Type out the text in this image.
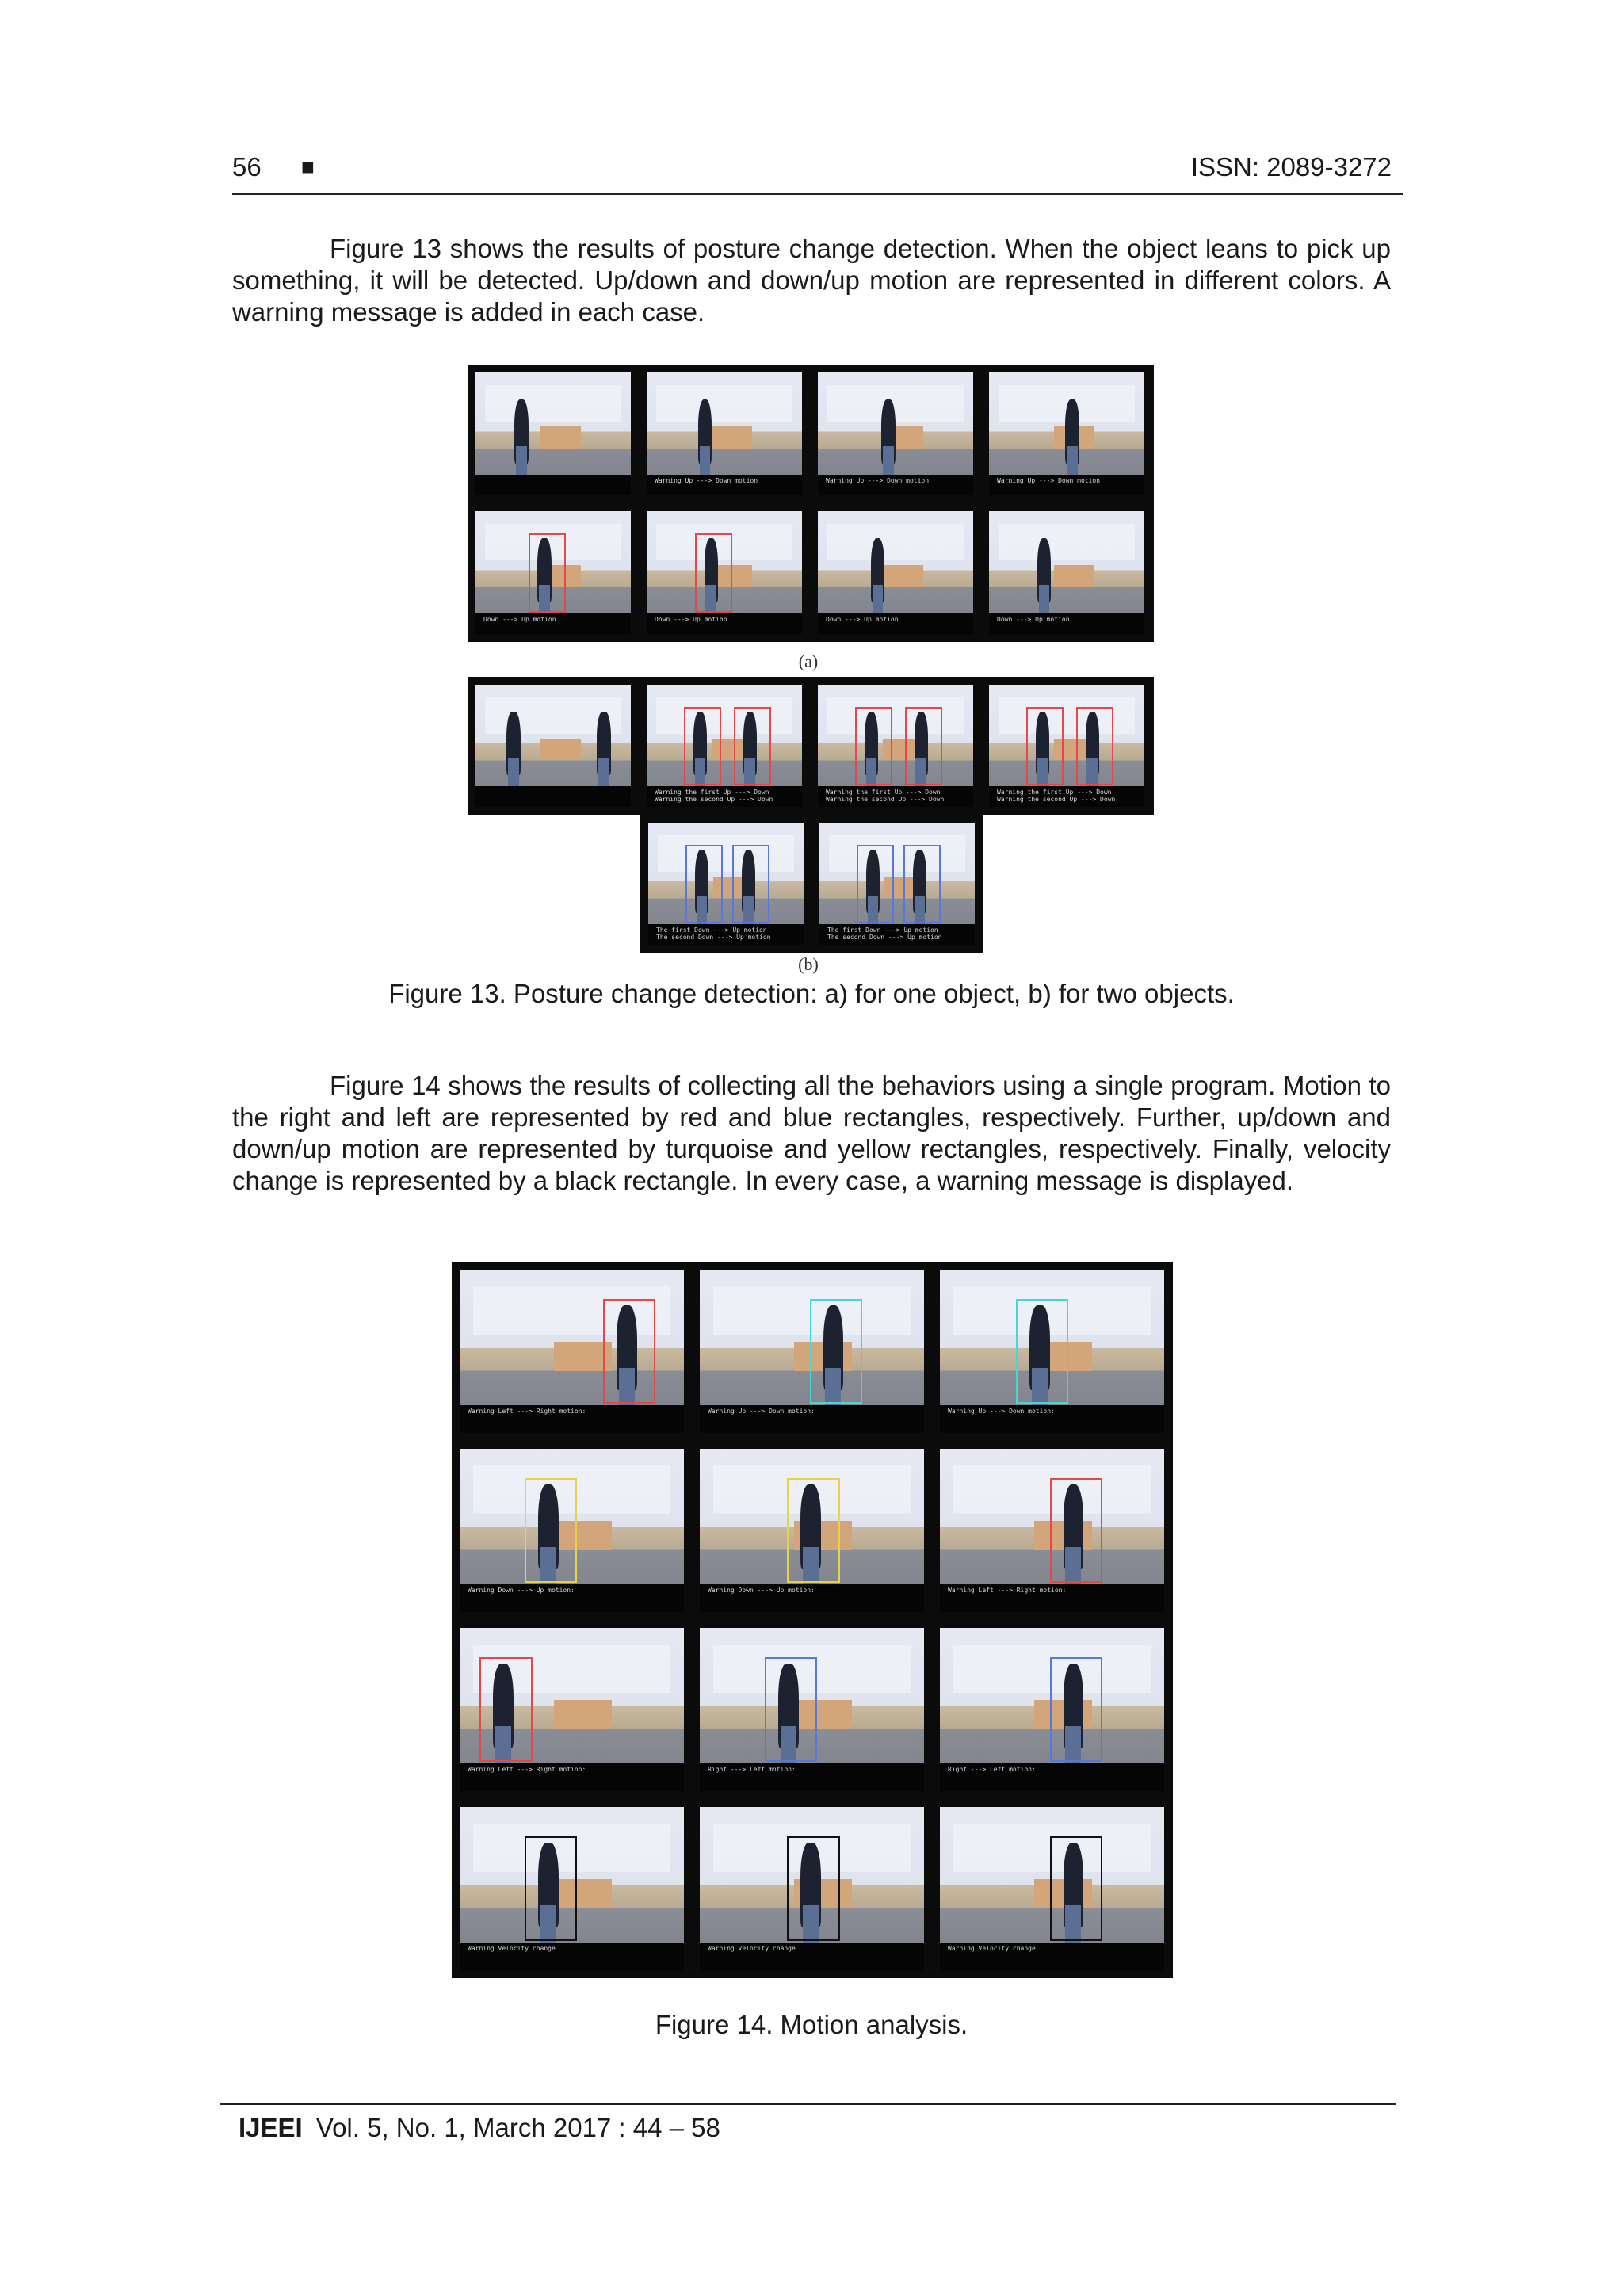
56 ■	ISSN: 2089-3272

Figure 13 shows the results of posture change detection. When the object leans to pick up something, it will be detected. Up/down and down/up motion are represented in different colors. A warning message is added in each case.

Warning Up ---> Down motion	Warning Up ---> Down motion	Warning Up ---> Down motion
Down ---> Up motion	Down ---> Up motion	Down ---> Up motion	Down ---> Up motion
(a)
Warning the first Up ---> Down
Warning the second Up ---> Down
Warning the first Up ---> Down
Warning the second Up ---> Down
Warning the first Up ---> Down
Warning the second Up ---> Down
The first Down ---> Up motion
The second Down ---> Up motion
The first Down ---> Up motion
The second Down ---> Up motion
(b)
Figure 13. Posture change detection: a) for one object, b) for two objects.

Figure 14 shows the results of collecting all the behaviors using a single program. Motion to the right and left are represented by red and blue rectangles, respectively. Further, up/down and down/up motion are represented by turquoise and yellow rectangles, respectively. Finally, velocity change is represented by a black rectangle. In every case, a warning message is displayed.

Warning Left ---> Right motion:	Warning Up ---> Down motion:	Warning Up ---> Down motion:
Warning Down ---> Up motion:	Warning Down ---> Up motion:	Warning Left ---> Right motion:
Warning Left ---> Right motion:	Right ---> Left motion:	Right ---> Left motion:
Warning Velocity change	Warning Velocity change	Warning Velocity change
Figure 14. Motion analysis.
IJEEI Vol. 5, No. 1, March 2017 : 44 – 58
